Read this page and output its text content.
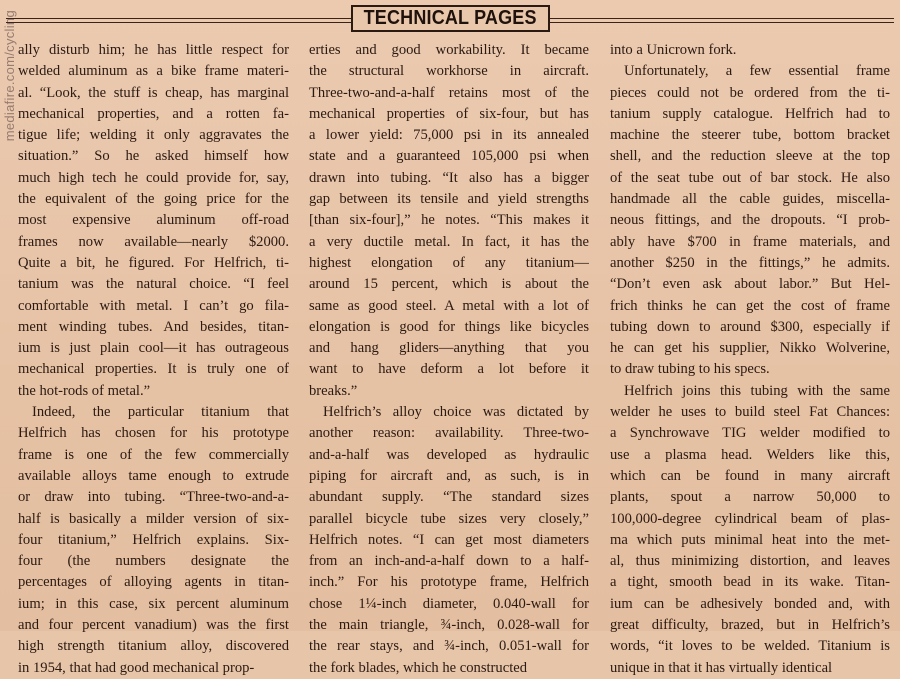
TECHNICAL PAGES
mediafire.com/cycling ally disturb him; he has little respect for
welded aluminum as a bike frame materi-
al. “Look, the stuff is cheap, has marginal
mechanical properties, and a rotten fa-
tigue life; welding it only aggravates the
situation.” So he asked himself how
much high tech he could provide for, say,
the equivalent of the going price for the
most expensive aluminum off-road
frames now available—nearly $2000.
Quite a bit, he figured. For Helfrich, ti-
tanium was the natural choice. “I feel
comfortable with metal. I can’t go fila-
ment winding tubes. And besides, titan-
ium is just plain cool—it has outrageous
mechanical properties. It is truly one of
the hot-rods of metal.”
Indeed, the particular titanium that
Helfrich has chosen for his prototype
frame is one of the few commercially
available alloys tame enough to extrude
or draw into tubing. “Three-two-and-a-
half is basically a milder version of six-
four titanium,” Helfrich explains. Six-
four (the numbers designate the
percentages of alloying agents in titan-
ium; in this case, six percent aluminum
and four percent vanadium) was the first
high strength titanium alloy, discovered
in 1954, that had good mechanical prop-
erties and good workability. It became
the structural workhorse in aircraft.
Three-two-and-a-half retains most of the
mechanical properties of six-four, but has
a lower yield: 75,000 psi in its annealed
state and a guaranteed 105,000 psi when
drawn into tubing. “It also has a bigger
gap between its tensile and yield strengths
[than six-four],” he notes. “This makes it
a very ductile metal. In fact, it has the
highest elongation of any titanium—
around 15 percent, which is about the
same as good steel. A metal with a lot of
elongation is good for things like bicycles
and hang gliders—anything that you
want to have deform a lot before it
breaks.”
Helfrich’s alloy choice was dictated by
another reason: availability. Three-two-
and-a-half was developed as hydraulic
piping for aircraft and, as such, is in
abundant supply. “The standard sizes
parallel bicycle tube sizes very closely,”
Helfrich notes. “I can get most diameters
from an inch-and-a-half down to a half-
inch.” For his prototype frame, Helfrich
chose 1¼-inch diameter, 0.040-wall for
the main triangle, ¾-inch, 0.028-wall for
the rear stays, and ¾-inch, 0.051-wall for
the fork blades, which he constructed
into a Unicrown fork.
Unfortunately, a few essential frame
pieces could not be ordered from the ti-
tanium supply catalogue. Helfrich had to
machine the steerer tube, bottom bracket
shell, and the reduction sleeve at the top
of the seat tube out of bar stock. He also
handmade all the cable guides, miscella-
neous fittings, and the dropouts. “I prob-
ably have $700 in frame materials, and
another $250 in the fittings,” he admits.
“Don’t even ask about labor.” But Hel-
frich thinks he can get the cost of frame
tubing down to around $300, especially if
he can get his supplier, Nikko Wolverine,
to draw tubing to his specs.
Helfrich joins this tubing with the same
welder he uses to build steel Fat Chances:
a Synchrowave TIG welder modified to
use a plasma head. Welders like this,
which can be found in many aircraft
plants, spout a narrow 50,000 to
100,000-degree cylindrical beam of plas-
ma which puts minimal heat into the met-
al, thus minimizing distortion, and leaves
a tight, smooth bead in its wake. Titan-
ium can be adhesively bonded and, with
great difficulty, brazed, but in Helfrich’s
words, “it loves to be welded. Titanium is
unique in that it has virtually identical
